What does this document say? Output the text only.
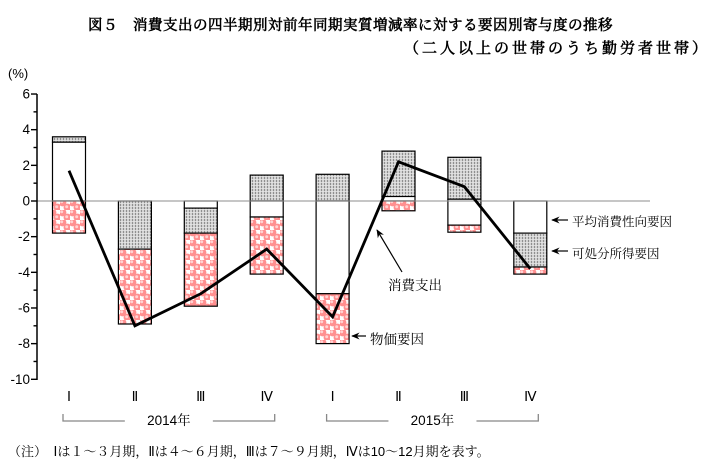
6
4
2
0
-2
-4
-6
-8
-10
Ⅰ	Ⅱ	Ⅲ	Ⅳ	Ⅰ	Ⅱ	Ⅲ	Ⅳ
2014年	2015年
図５　消費支出の四半期別対前年同期実質増減率に対する要因別寄与度の推移
（二人以上の世帯のうち勤労者世帯）
(%)
消費支出
物価要因
平均消費性向要因
可処分所得要因
（注）　Ⅰは１～３月期，Ⅱは４～６月期，Ⅲは７～９月期，Ⅳは10～12月期を表す。
